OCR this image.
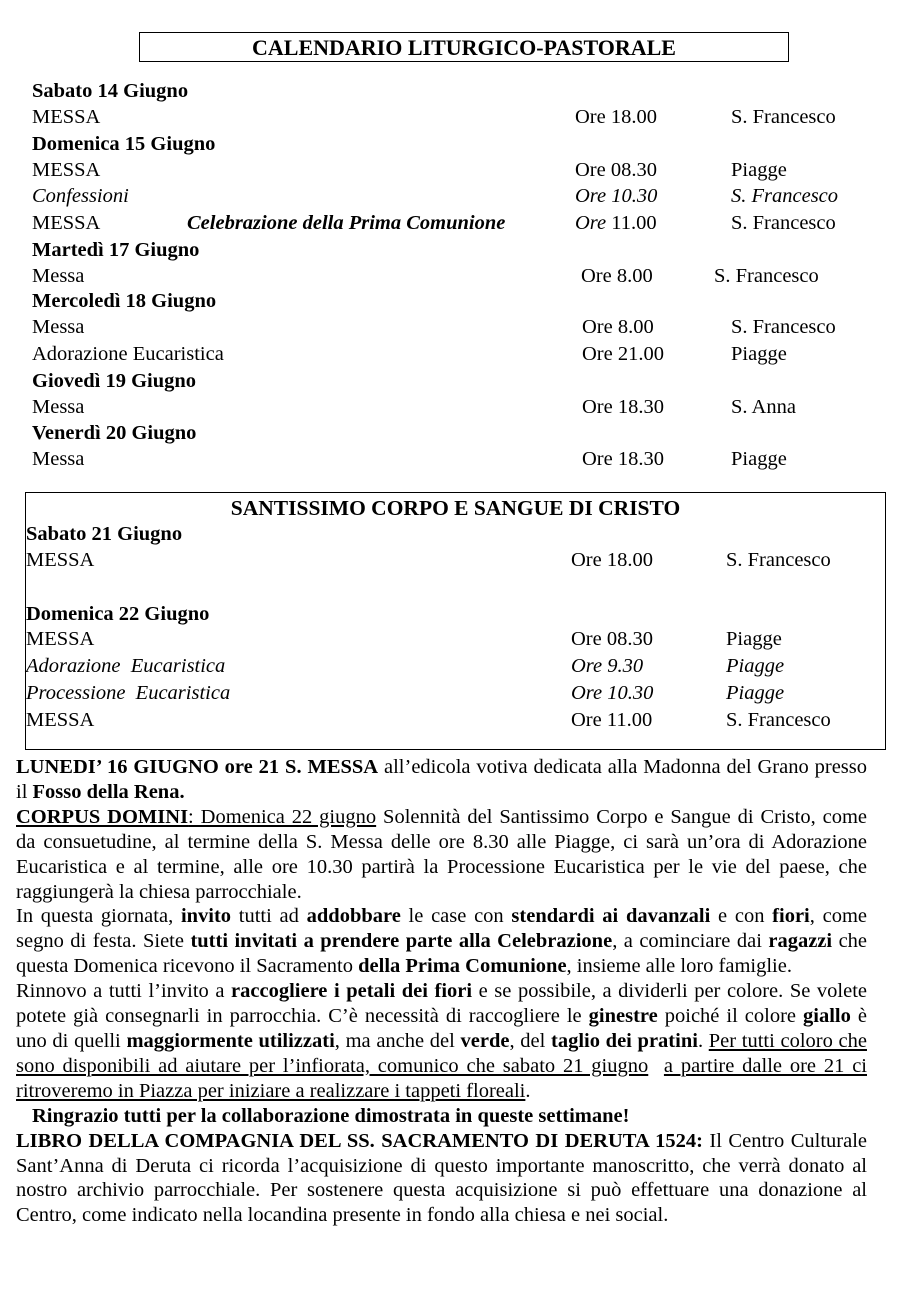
CALENDARIO LITURGICO-PASTORALE
Sabato 14 Giugno
MESSA	Ore 18.00	S. Francesco
Domenica 15 Giugno
MESSA	Ore 08.30	Piagge
Confessioni	Ore 10.30	S. Francesco
MESSA	Celebrazione della Prima Comunione	Ore 11.00	S. Francesco
Martedì 17 Giugno
Messa	Ore 8.00	S. Francesco
Mercoledì 18 Giugno
Messa	Ore 8.00	S. Francesco
Adorazione Eucaristica	Ore 21.00	Piagge
Giovedì 19 Giugno
Messa	Ore 18.30	S. Anna
Venerdì 20 Giugno
Messa	Ore 18.30	Piagge
SANTISSIMO CORPO E SANGUE DI CRISTO
Sabato 21 Giugno
MESSA	Ore 18.00	S. Francesco
Domenica 22 Giugno
MESSA	Ore 08.30	Piagge
Adorazione  Eucaristica	Ore 9.30	Piagge
Processione  Eucaristica	Ore 10.30	Piagge
MESSA	Ore 11.00	S. Francesco

LUNEDI’ 16 GIUGNO ore 21 S. MESSA all’edicola votiva dedicata alla Madonna del Grano presso il Fosso della Rena.

CORPUS DOMINI: Domenica 22 giugno Solennità del Santissimo Corpo e Sangue di Cristo, come da consuetudine, al termine della S. Messa delle ore 8.30 alle Piagge, ci sarà un’ora di Adorazione Eucaristica e al termine, alle ore 10.30 partirà la Processione Eucaristica per le vie del paese, che raggiungerà la chiesa parrocchiale.

In questa giornata, invito tutti ad addobbare le case con stendardi ai davanzali e con fiori, come segno di festa. Siete tutti invitati a prendere parte alla Celebrazione, a cominciare dai ragazzi che questa Domenica ricevono il Sacramento della Prima Comunione, insieme alle loro famiglie.

Rinnovo a tutti l’invito a raccogliere i petali dei fiori e se possibile, a dividerli per colore. Se volete potete già consegnarli in parrocchia. C’è necessità di raccogliere le ginestre poiché il colore giallo è uno di quelli maggiormente utilizzati, ma anche del verde, del taglio dei pratini. Per tutti coloro che sono disponibili ad aiutare per l’infiorata, comunico che sabato 21 giugno a partire dalle ore 21 ci ritroveremo in Piazza per iniziare a realizzare i tappeti floreali.

Ringrazio tutti per la collaborazione dimostrata in queste settimane!

LIBRO DELLA COMPAGNIA DEL SS. SACRAMENTO DI DERUTA 1524: Il Centro Culturale Sant’Anna di Deruta ci ricorda l’acquisizione di questo importante manoscritto, che verrà donato al nostro archivio parrocchiale. Per sostenere questa acquisizione si può effettuare una donazione al Centro, come indicato nella locandina presente in fondo alla chiesa e nei social.
